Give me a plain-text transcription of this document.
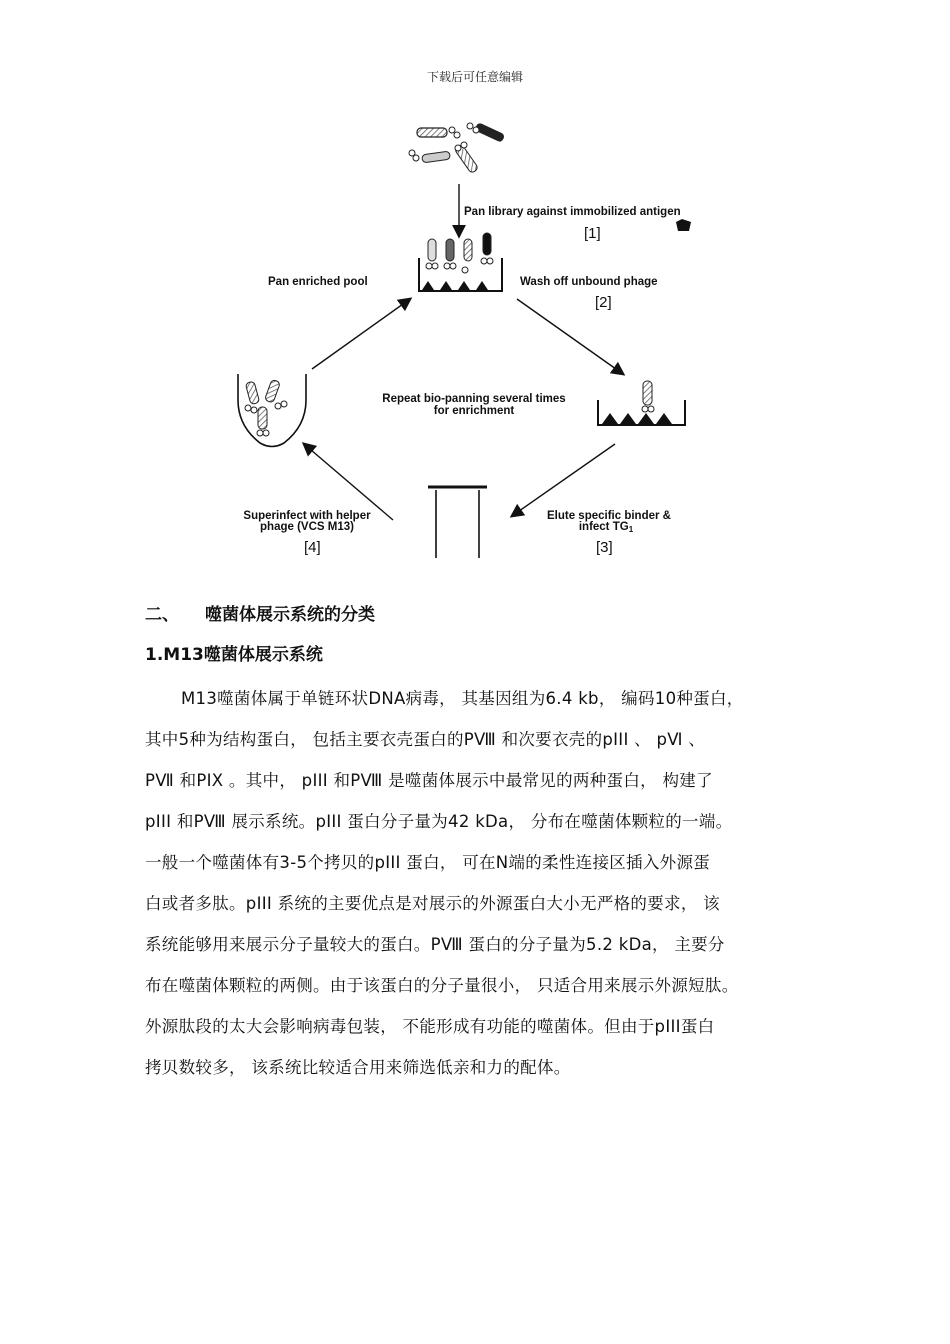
下载后可任意编辑
Pan library against immobilized antigen
[1]
Pan enriched pool	Wash off unbound phage
[2]
Repeat bio-panning several times
for enrichment
Superinfect with helper
phage (VCS M13)
[4]
Elute specific binder &
infect TG1
[3]
二、 噬菌体展示系统的分类
1.M13噬菌体展示系统
M13噬菌体属于单链环状DNA病毒， 其基因组为6.4 kb， 编码10种蛋白，
其中5种为结构蛋白， 包括主要衣壳蛋白的PⅧ 和次要衣壳的pIII 、 pⅥ 、
PⅦ 和PIX 。其中， pIII 和PⅧ 是噬菌体展示中最常见的两种蛋白， 构建了
pIII 和PⅧ 展示系统。pIII 蛋白分子量为42 kDa， 分布在噬菌体颗粒的一端。
一般一个噬菌体有3-5个拷贝的pIII 蛋白， 可在N端的柔性连接区插入外源蛋
白或者多肽。pIII 系统的主要优点是对展示的外源蛋白大小无严格的要求， 该
系统能够用来展示分子量较大的蛋白。PⅧ 蛋白的分子量为5.2 kDa， 主要分
布在噬菌体颗粒的两侧。由于该蛋白的分子量很小， 只适合用来展示外源短肽。
外源肽段的太大会影响病毒包装， 不能形成有功能的噬菌体。但由于pIII蛋白
拷贝数较多， 该系统比较适合用来筛选低亲和力的配体。
